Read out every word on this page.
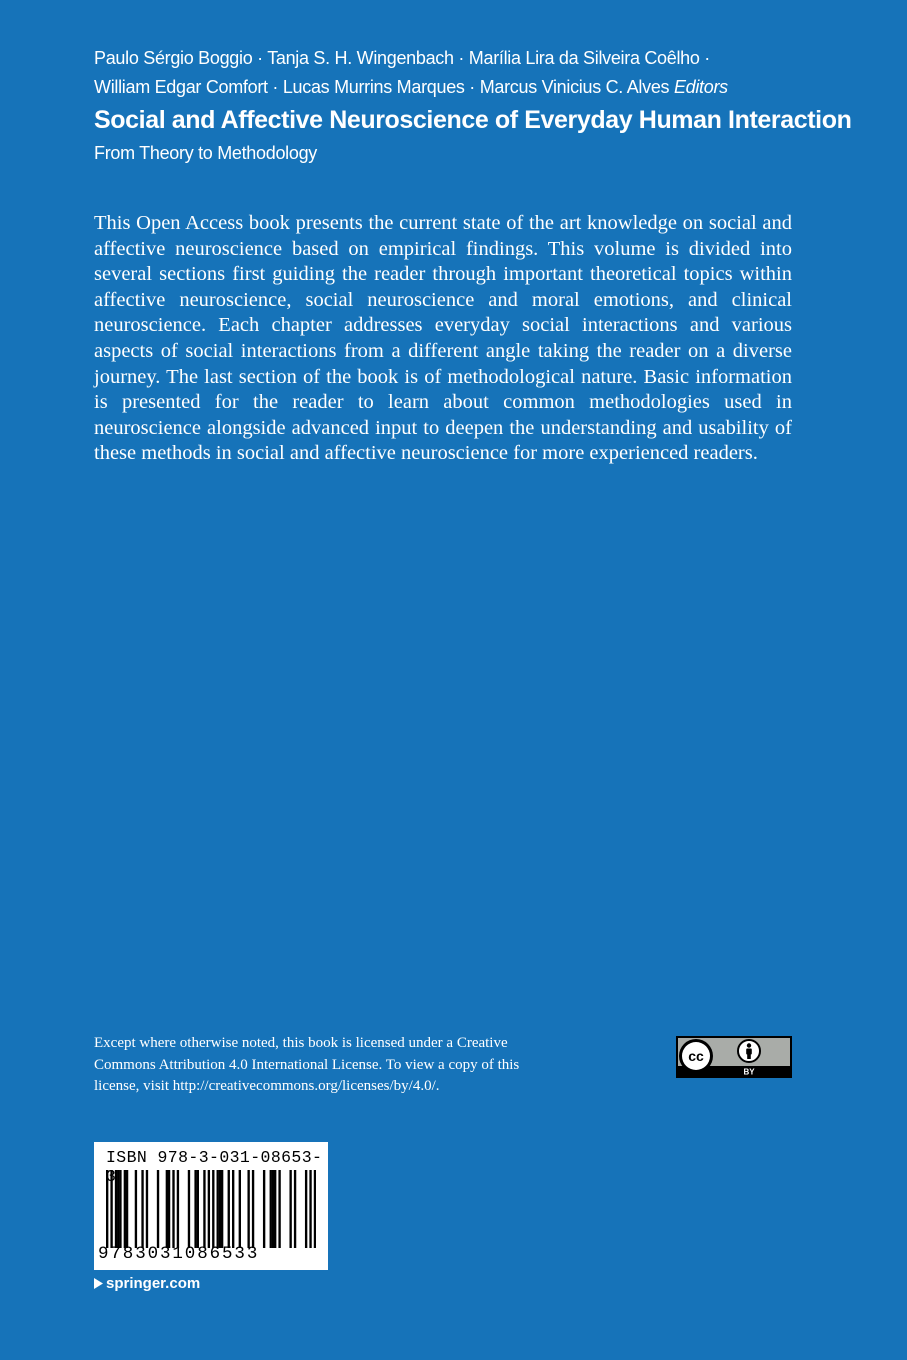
Paulo Sérgio Boggio · Tanja S. H. Wingenbach · Marília Lira da Silveira Coêlho ·
William Edgar Comfort · Lucas Murrins Marques · Marcus Vinicius C. Alves Editors
Social and Affective Neuroscience of Everyday Human Interaction
From Theory to Methodology

This Open Access book presents the current state of the art knowledge on social and affective neuroscience based on empirical findings. This volume is divided into several sections first guiding the reader through important theoretical topics within affective neuroscience, social neuroscience and moral emotions, and clinical neuroscience. Each chapter addresses everyday social interactions and various aspects of social interactions from a different angle taking the reader on a diverse journey. The last section of the book is of methodological nature. Basic information is presented for the reader to learn about common methodologies used in neuroscience alongside advanced input to deepen the understanding and usability of these methods in social and affective neuroscience for more experienced readers.

Except where otherwise noted, this book is licensed under a Creative Commons Attribution 4.0 International License. To view a copy of this license, visit http://creativecommons.org/licenses/by/4.0/.

cc
BY
ISBN 978-3-031-08653-
9783031086533
springer.com
